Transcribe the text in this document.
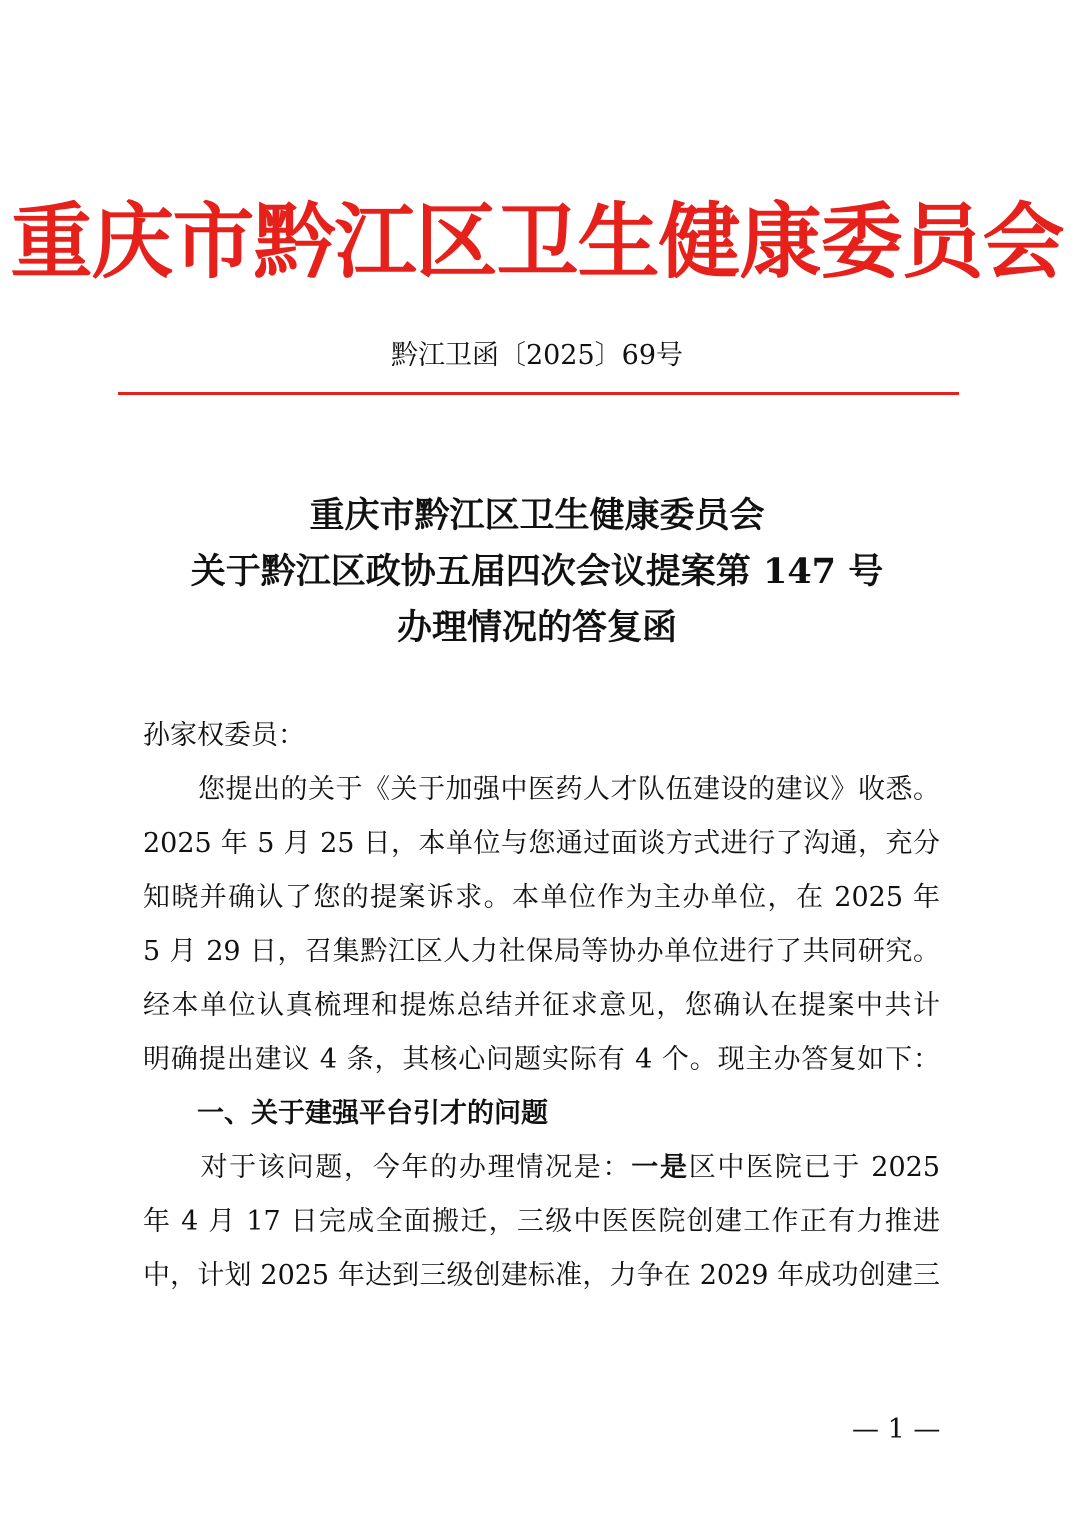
重庆市黔江区卫生健康委员会
黔江卫函〔2025〕69号
重庆市黔江区卫生健康委员会
关于黔江区政协五届四次会议提案第 147 号
办理情况的答复函
孙家权委员：
　　您提出的关于《关于加强中医药人才队伍建设的建议》收悉。
2025 年 5 月 25 日，本单位与您通过面谈方式进行了沟通，充分
知晓并确认了您的提案诉求。本单位作为主办单位，在 2025 年
5 月 29 日，召集黔江区人力社保局等协办单位进行了共同研究。
经本单位认真梳理和提炼总结并征求意见，您确认在提案中共计
明确提出建议 4 条，其核心问题实际有 4 个。现主办答复如下：
一、关于建强平台引才的问题
　　对于该问题，今年的办理情况是：一是区中医院已于 2025
年 4 月 17 日完成全面搬迁，三级中医医院创建工作正有力推进
中，计划 2025 年达到三级创建标准，力争在 2029 年成功创建三
— 1 —
